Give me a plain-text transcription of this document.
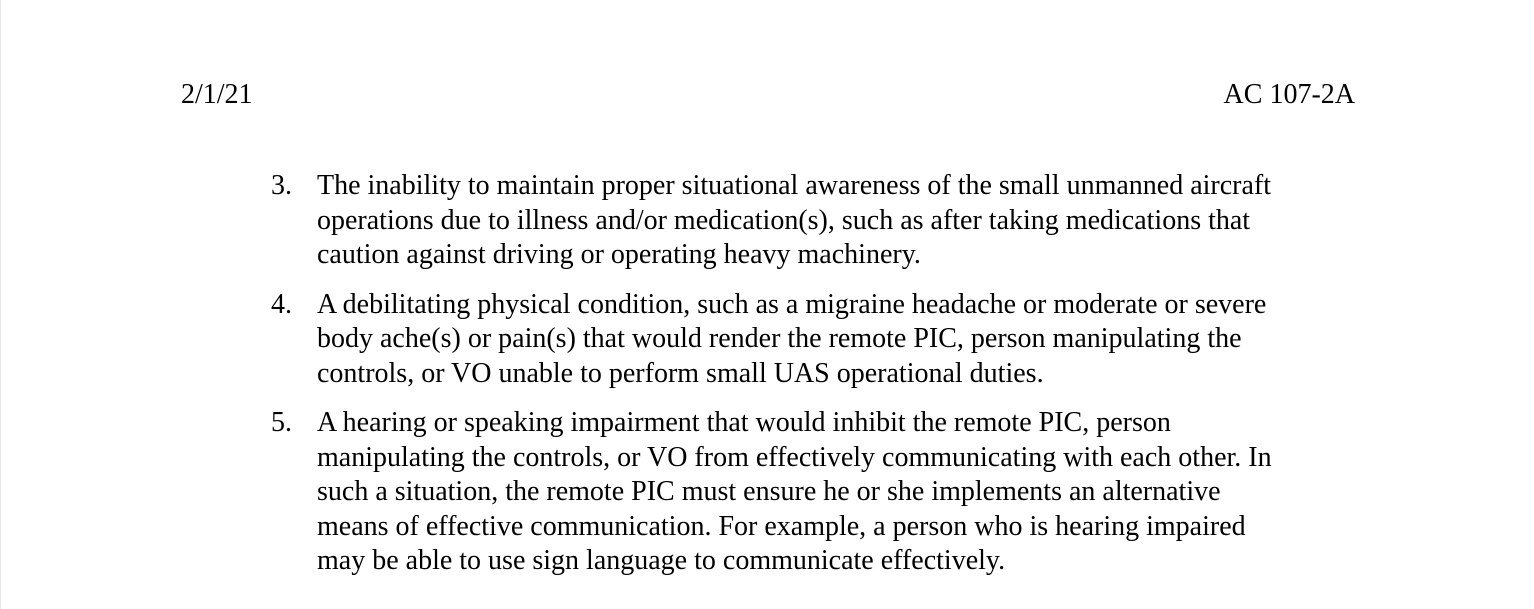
2/1/21	AC 107-2A
3. The inability to maintain proper situational awareness of the small unmanned aircraft
operations due to illness and/or medication(s), such as after taking medications that
caution against driving or operating heavy machinery.
4. A debilitating physical condition, such as a migraine headache or moderate or severe
body ache(s) or pain(s) that would render the remote PIC, person manipulating the
controls, or VO unable to perform small UAS operational duties.
5. A hearing or speaking impairment that would inhibit the remote PIC, person
manipulating the controls, or VO from effectively communicating with each other. In
such a situation, the remote PIC must ensure he or she implements an alternative
means of effective communication. For example, a person who is hearing impaired
may be able to use sign language to communicate effectively.
